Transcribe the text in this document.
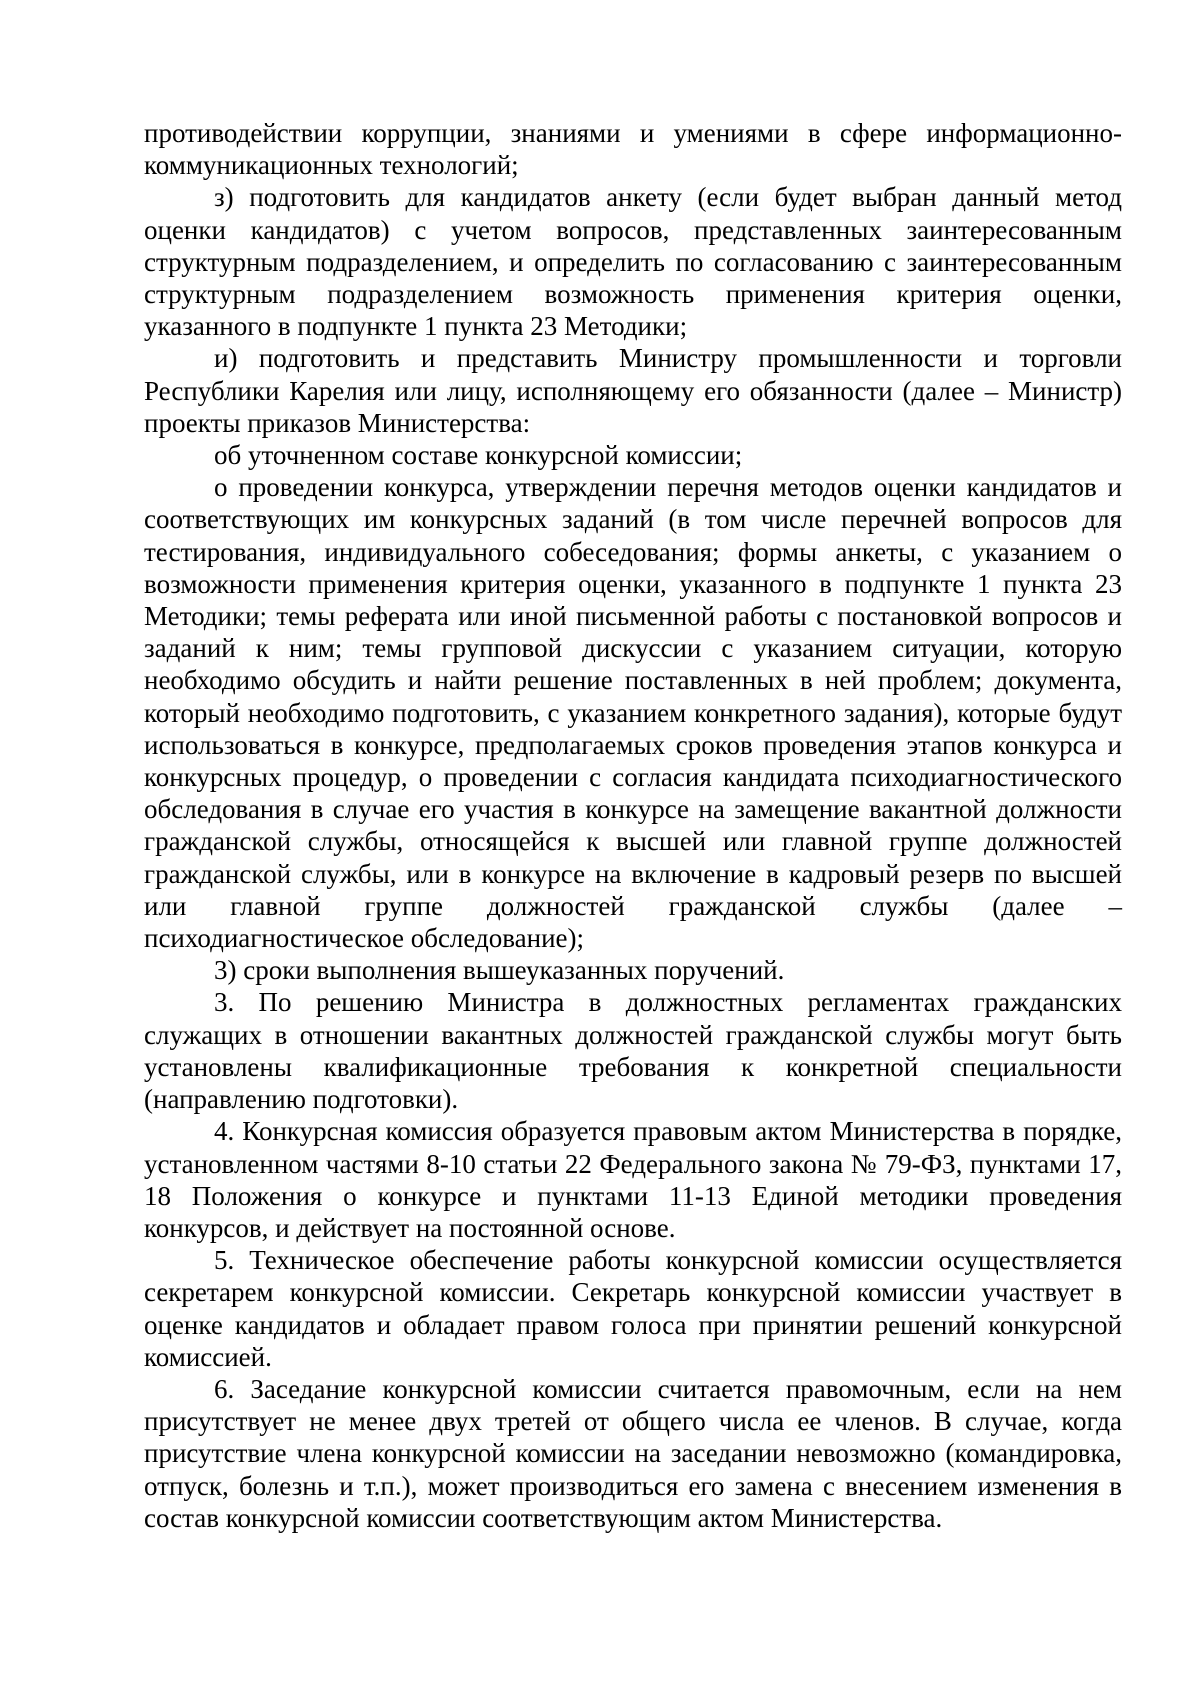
противодействии коррупции, знаниями и умениями в сфере информационно-коммуникационных технологий;

з) подготовить для кандидатов анкету (если будет выбран данный метод оценки кандидатов) с учетом вопросов, представленных заинтересованным структурным подразделением, и определить по согласованию с заинтересованным структурным подразделением возможность применения критерия оценки, указанного в подпункте 1 пункта 23 Методики;

и) подготовить и представить Министру промышленности и торговли Республики Карелия или лицу, исполняющему его обязанности (далее – Министр) проекты приказов Министерства:

об уточненном составе конкурсной комиссии;

о проведении конкурса, утверждении перечня методов оценки кандидатов и соответствующих им конкурсных заданий (в том числе перечней вопросов для тестирования, индивидуального собеседования; формы анкеты, с указанием о возможности применения критерия оценки, указанного в подпункте 1 пункта 23 Методики; темы реферата или иной письменной работы с постановкой вопросов и заданий к ним; темы групповой дискуссии с указанием ситуации, которую необходимо обсудить и найти решение поставленных в ней проблем; документа, который необходимо подготовить, с указанием конкретного задания), которые будут использоваться в конкурсе, предполагаемых сроков проведения этапов конкурса и конкурсных процедур, о проведении с согласия кандидата психодиагностического обследования в случае его участия в конкурсе на замещение вакантной должности гражданской службы, относящейся к высшей или главной группе должностей гражданской службы, или в конкурсе на включение в кадровый резерв по высшей или главной группе должностей гражданской службы (далее – психодиагностическое обследование);

3) сроки выполнения вышеуказанных поручений.

3. По решению Министра в должностных регламентах гражданских служащих в отношении вакантных должностей гражданской службы могут быть установлены квалификационные требования к конкретной специальности (направлению подготовки).

4. Конкурсная комиссия образуется правовым актом Министерства в порядке, установленном частями 8-10 статьи 22 Федерального закона № 79-ФЗ, пунктами 17, 18 Положения о конкурсе и пунктами 11-13 Единой методики проведения конкурсов, и действует на постоянной основе.

5. Техническое обеспечение работы конкурсной комиссии осуществляется секретарем конкурсной комиссии. Секретарь конкурсной комиссии участвует в оценке кандидатов и обладает правом голоса при принятии решений конкурсной комиссией.

6. Заседание конкурсной комиссии считается правомочным, если на нем присутствует не менее двух третей от общего числа ее членов. В случае, когда присутствие члена конкурсной комиссии на заседании невозможно (командировка, отпуск, болезнь и т.п.), может производиться его замена с внесением изменения в состав конкурсной комиссии соответствующим актом Министерства.
